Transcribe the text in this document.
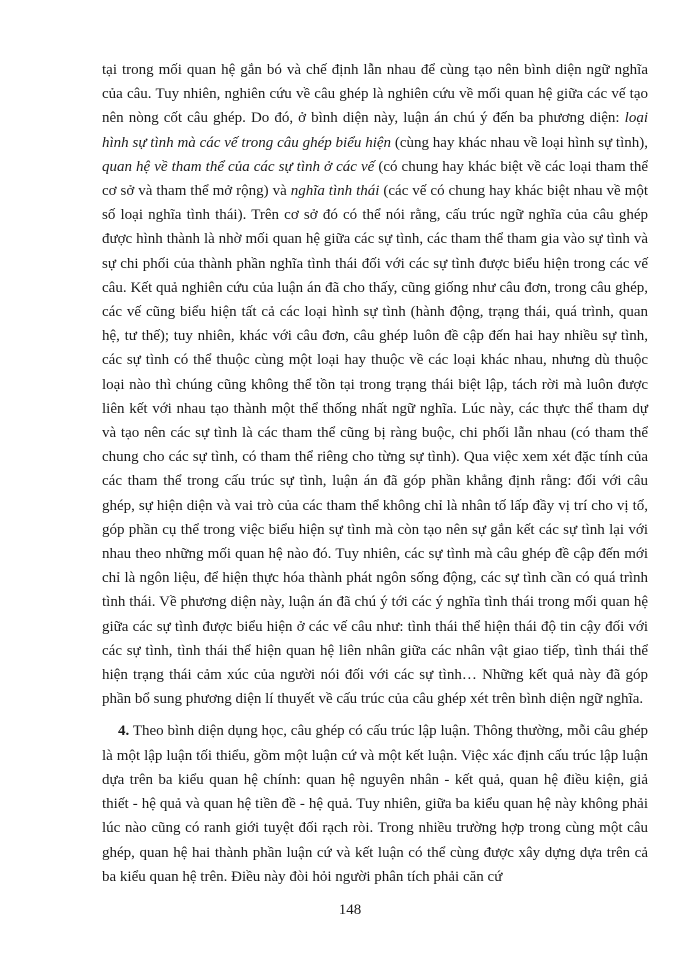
tại trong mối quan hệ gắn bó và chế định lẫn nhau để cùng tạo nên bình diện ngữ nghĩa của câu. Tuy nhiên, nghiên cứu về câu ghép là nghiên cứu về mối quan hệ giữa các vế tạo nên nòng cốt câu ghép. Do đó, ở bình diện này, luận án chú ý đến ba phương diện: loại hình sự tình mà các vế trong câu ghép biểu hiện (cùng hay khác nhau về loại hình sự tình), quan hệ về tham thể của các sự tình ở các vế (có chung hay khác biệt về các loại tham thể cơ sở và tham thể mở rộng) và nghĩa tình thái (các vế có chung hay khác biệt nhau về một số loại nghĩa tình thái). Trên cơ sở đó có thể nói rằng, cấu trúc ngữ nghĩa của câu ghép được hình thành là nhờ mối quan hệ giữa các sự tình, các tham thể tham gia vào sự tình và sự chi phối của thành phần nghĩa tình thái đối với các sự tình được biểu hiện trong các vế câu. Kết quả nghiên cứu của luận án đã cho thấy, cũng giống như câu đơn, trong câu ghép, các vế cũng biểu hiện tất cả các loại hình sự tình (hành động, trạng thái, quá trình, quan hệ, tư thế); tuy nhiên, khác với câu đơn, câu ghép luôn đề cập đến hai hay nhiều sự tình, các sự tình có thể thuộc cùng một loại hay thuộc về các loại khác nhau, nhưng dù thuộc loại nào thì chúng cũng không thể tồn tại trong trạng thái biệt lập, tách rời mà luôn được liên kết với nhau tạo thành một thể thống nhất ngữ nghĩa. Lúc này, các thực thể tham dự và tạo nên các sự tình là các tham thể cũng bị ràng buộc, chi phối lẫn nhau (có tham thể chung cho các sự tình, có tham thể riêng cho từng sự tình). Qua việc xem xét đặc tính của các tham thể trong cấu trúc sự tình, luận án đã góp phần khẳng định rằng: đối với câu ghép, sự hiện diện và vai trò của các tham thể không chỉ là nhân tố lấp đầy vị trí cho vị tố, góp phần cụ thể trong việc biểu hiện sự tình mà còn tạo nên sự gắn kết các sự tình lại với nhau theo những mối quan hệ nào đó. Tuy nhiên, các sự tình mà câu ghép đề cập đến mới chỉ là ngôn liệu, để hiện thực hóa thành phát ngôn sống động, các sự tình cần có quá trình tình thái. Về phương diện này, luận án đã chú ý tới các ý nghĩa tình thái trong mối quan hệ giữa các sự tình được biểu hiện ở các vế câu như: tình thái thể hiện thái độ tin cậy đối với các sự tình, tình thái thể hiện quan hệ liên nhân giữa các nhân vật giao tiếp, tình thái thể hiện trạng thái cảm xúc của người nói đối với các sự tình… Những kết quả này đã góp phần bổ sung phương diện lí thuyết về cấu trúc của câu ghép xét trên bình diện ngữ nghĩa.

4. Theo bình diện dụng học, câu ghép có cấu trúc lập luận. Thông thường, mỗi câu ghép là một lập luận tối thiểu, gồm một luận cứ và một kết luận. Việc xác định cấu trúc lập luận dựa trên ba kiểu quan hệ chính: quan hệ nguyên nhân - kết quả, quan hệ điều kiện, giả thiết - hệ quả và quan hệ tiền đề - hệ quả. Tuy nhiên, giữa ba kiểu quan hệ này không phải lúc nào cũng có ranh giới tuyệt đối rạch ròi. Trong nhiều trường hợp trong cùng một câu ghép, quan hệ hai thành phần luận cứ và kết luận có thể cùng được xây dựng dựa trên cả ba kiểu quan hệ trên. Điều này đòi hỏi người phân tích phải căn cứ

148
